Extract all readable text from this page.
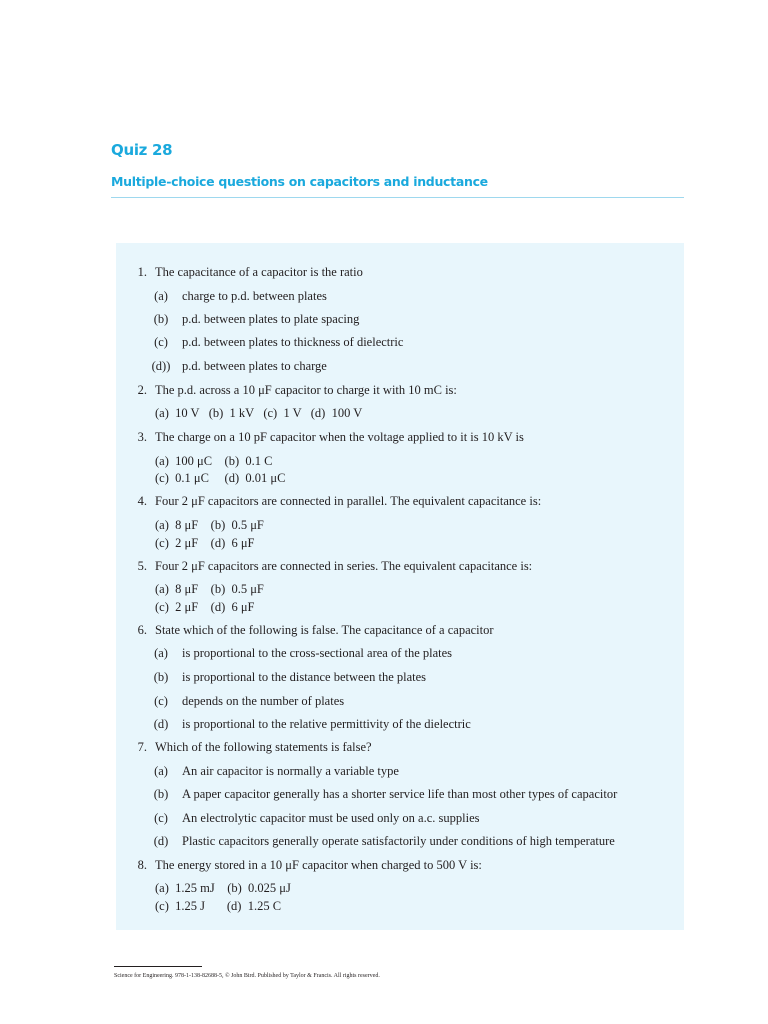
Quiz 28
Multiple-choice questions on capacitors and inductance
1. The capacitance of a capacitor is the ratio
(a)	charge to p.d. between plates
(b)	p.d. between plates to plate spacing
(c)	p.d. between plates to thickness of dielectric
(d)) p.d. between plates to charge
2. The p.d. across a 10 μF capacitor to charge it with 10 mC is:
(a)  10 V   (b)  1 kV   (c)  1 V   (d)  100 V
3. The charge on a 10 pF capacitor when the voltage applied to it is 10 kV is
(a)  100 μC    (b)  0.1 C
(c)  0.1 μC     (d)  0.01 μC
4. Four 2 μF capacitors are connected in parallel. The equivalent capacitance is:
(a)  8 μF    (b)  0.5 μF
(c)  2 μF    (d)  6 μF
5. Four 2 μF capacitors are connected in series. The equivalent capacitance is:
(a)  8 μF    (b)  0.5 μF
(c)  2 μF    (d)  6 μF
6. State which of the following is false. The capacitance of a capacitor
(a)	is proportional to the cross-sectional area of the plates
(b)	is proportional to the distance between the plates
(c)	depends on the number of plates
(d)	is proportional to the relative permittivity of the dielectric
7. Which of the following statements is false?
(a)	An air capacitor is normally a variable type
(b)	A paper capacitor generally has a shorter service life than most other types of capacitor
(c)	An electrolytic capacitor must be used only on a.c. supplies
(d)	Plastic capacitors generally operate satisfactorily under conditions of high temperature
8. The energy stored in a 10 μF capacitor when charged to 500 V is:
(a)  1.25 mJ    (b)  0.025 μJ
(c)  1.25 J       (d)  1.25 C
Science for Engineering. 978-1-138-82688-5, © John Bird. Published by Taylor & Francis. All rights reserved.
